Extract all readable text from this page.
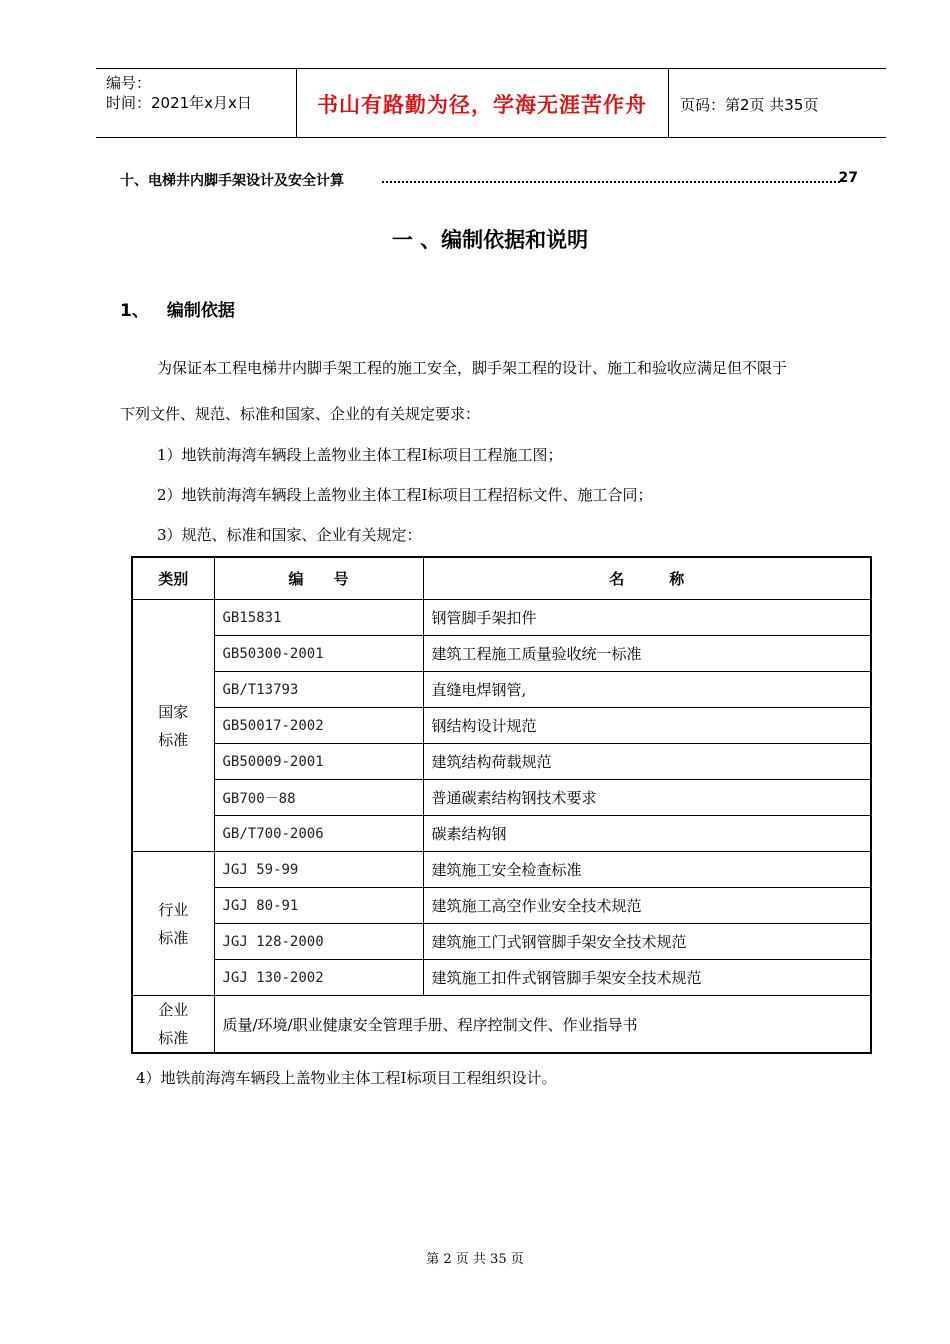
编号：
时间：2021年x月x日	书山有路勤为径，学海无涯苦作舟	页码：第2页 共35页
十、电梯井内脚手架设计及安全计算	27
一 、编制依据和说明
1、 编制依据
为保证本工程电梯井内脚手架工程的施工安全，脚手架工程的设计、施工和验收应满足但不限于
下列文件、规范、标准和国家、企业的有关规定要求：
1）地铁前海湾车辆段上盖物业主体工程Ⅰ标项目工程施工图；
2）地铁前海湾车辆段上盖物业主体工程Ⅰ标项目工程招标文件、施工合同；
3）规范、标准和国家、企业有关规定：
类别	编　　号	名　　　称

国家
标准	GB15831	钢管脚手架扣件
	GB50300-2001	建筑工程施工质量验收统一标准
	GB/T13793	直缝电焊钢管,
	GB50017-2002	钢结构设计规范
	GB50009-2001	建筑结构荷载规范
	GB700－88	普通碳素结构钢技术要求
	GB/T700-2006	碳素结构钢

行业
标准	JGJ 59-99	建筑施工安全检查标准
	JGJ 80-91	建筑施工高空作业安全技术规范
	JGJ 128-2000	建筑施工门式钢管脚手架安全技术规范
	JGJ 130-2002	建筑施工扣件式钢管脚手架安全技术规范

企业
标准	质量/环境/职业健康安全管理手册、程序控制文件、作业指导书	
4）地铁前海湾车辆段上盖物业主体工程Ⅰ标项目工程组织设计。
第 2 页 共 35 页
